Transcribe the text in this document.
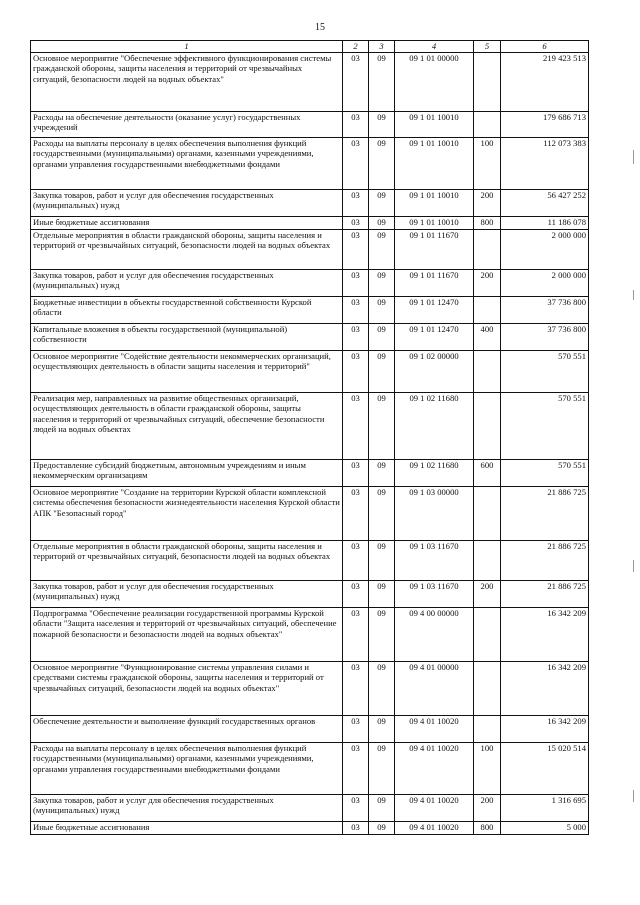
15
1	2	3	4	5	6
Основное мероприятие "Обеспечение эффективного функционирования системы гражданской обороны, защиты населения и территорий от чрезвычайных ситуаций, безопасности людей на водных объектах"	03	09	09 1 01 00000		219 423 513
Расходы на обеспечение деятельности (оказание услуг) государственных учреждений	03	09	09 1 01 10010		179 686 713
Расходы на выплаты персоналу в целях обеспечения выполнения функций государственными (муниципальными) органами, казенными учреждениями, органами управления государственными внебюджетными фондами	03	09	09 1 01 10010	100	112 073 383
Закупка товаров, работ и услуг для обеспечения государственных (муниципальных) нужд	03	09	09 1 01 10010	200	56 427 252
Иные бюджетные ассигнования	03	09	09 1 01 10010	800	11 186 078
Отдельные мероприятия в области гражданской обороны, защиты населения и территорий от чрезвычайных ситуаций, безопасности людей на водных объектах	03	09	09 1 01 11670		2 000 000
Закупка товаров, работ и услуг для обеспечения государственных (муниципальных) нужд	03	09	09 1 01 11670	200	2 000 000
Бюджетные инвестиции в объекты государственной собственности Курской области	03	09	09 1 01 12470		37 736 800
Капитальные вложения в объекты государственной (муниципальной) собственности	03	09	09 1 01 12470	400	37 736 800
Основное мероприятие "Содействие деятельности некоммерческих организаций, осуществляющих деятельность в области защиты населения и территорий"	03	09	09 1 02 00000		570 551
Реализация мер, направленных на развитие общественных организаций, осуществляющих деятельность в области гражданской обороны, защиты населения и территорий от чрезвычайных ситуаций, обеспечение безопасности людей на водных объектах	03	09	09 1 02 11680		570 551
Предоставление субсидий бюджетным, автономным учреждениям и иным некоммерческим организациям	03	09	09 1 02 11680	600	570 551
Основное мероприятие "Создание на территории Курской области комплексной системы обеспечения безопасности жизнедеятельности населения Курской области АПК "Безопасный город"	03	09	09 1 03 00000		21 886 725
Отдельные мероприятия в области гражданской обороны, защиты населения и территорий от чрезвычайных ситуаций, безопасности людей на водных объектах	03	09	09 1 03 11670		21 886 725
Закупка товаров, работ и услуг для обеспечения государственных (муниципальных) нужд	03	09	09 1 03 11670	200	21 886 725
Подпрограмма "Обеспечение реализации государственной программы Курской области "Защита населения и территорий от чрезвычайных ситуаций, обеспечение пожарной безопасности и безопасности людей на водных объектах"	03	09	09 4 00 00000		16 342 209
Основное мероприятие "Функционирование системы управления силами и средствами системы гражданской обороны, защиты населения и территорий от чрезвычайных ситуаций, безопасности людей на водных объектах"	03	09	09 4 01 00000		16 342 209
Обеспечение деятельности и выполнение функций государственных органов	03	09	09 4 01 10020		16 342 209
Расходы на выплаты персоналу в целях обеспечения выполнения функций государственными (муниципальными) органами, казенными учреждениями, органами управления государственными внебюджетными фондами	03	09	09 4 01 10020	100	15 020 514
Закупка товаров, работ и услуг для обеспечения государственных (муниципальных) нужд	03	09	09 4 01 10020	200	1 316 695
Иные бюджетные ассигнования	03	09	09 4 01 10020	800	5 000
